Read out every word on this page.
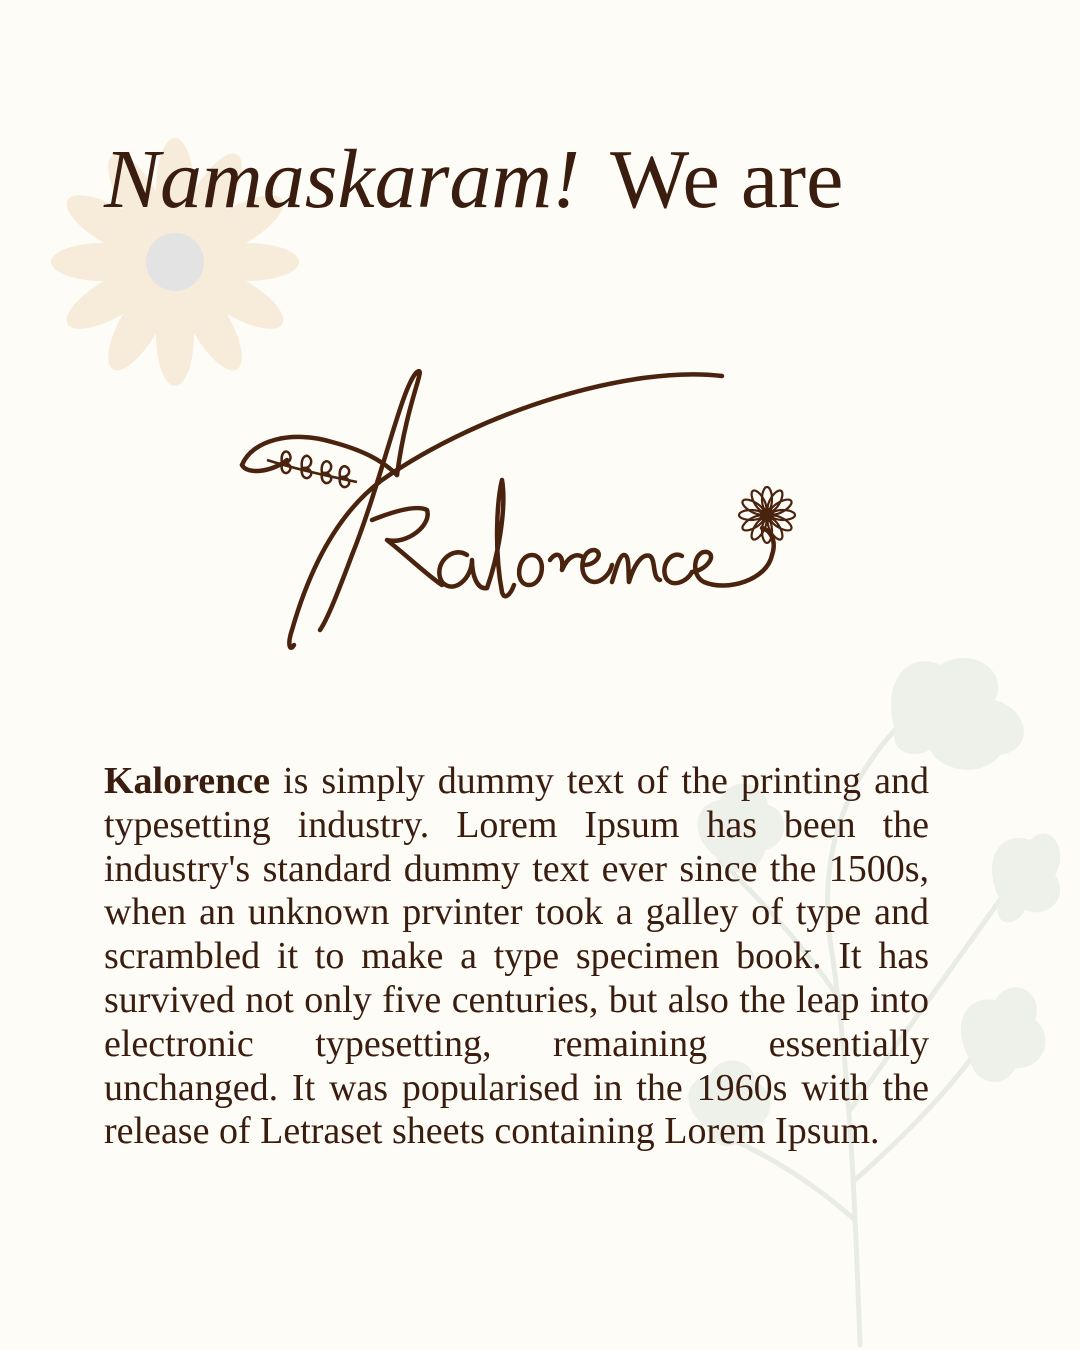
Namaskaram! We are

Kalorence is simply dummy text of the printing and typesetting industry. Lorem Ipsum has been the industry's standard dummy text ever since the 1500s, when an unknown prvinter took a galley of type and scrambled it to make a type specimen book. It has survived not only five centuries, but also the leap into electronic typesetting, remaining essentially unchanged. It was popularised in the 1960s with the release of Letraset sheets containing Lorem Ipsum.
